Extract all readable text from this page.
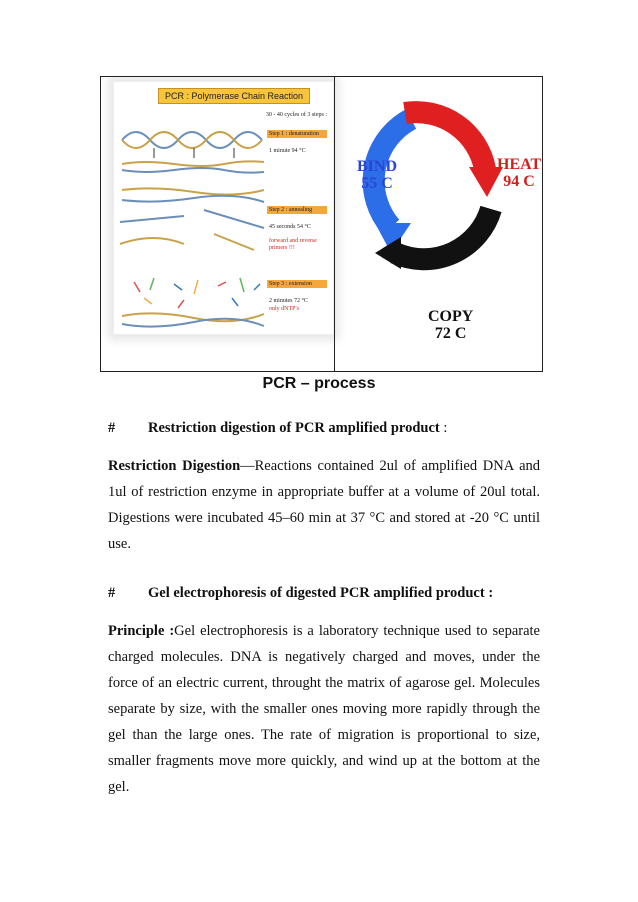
PCR : Polymerase Chain Reaction
30 - 40 cycles of 3 steps :
Step 1 : denaturation
1 minute 94 °C
Step 2 : annealing
45 seconds 54 °C
forward and reverse primers !!!
Step 3 : extension
2 minutes 72 °C
only dNTP's
BIND
55 C
HEAT
94 C
COPY
72 C
PCR – process
# Restriction digestion of PCR amplified product :
Restriction Digestion—Reactions contained 2ul of amplified DNA and 1ul of restriction enzyme in appropriate buffer at a volume of 20ul total. Digestions were incubated 45–60 min at 37 °C and stored at -20 °C until use.
# Gel electrophoresis of digested PCR amplified product :
Principle :Gel electrophoresis is a laboratory technique used to separate charged molecules. DNA is negatively charged and moves, under the force of an electric current, throught the matrix of agarose gel. Molecules separate by size, with the smaller ones moving more rapidly through the gel than the large ones. The rate of migration is proportional to size, smaller fragments move more quickly, and wind up at the bottom at the gel.
